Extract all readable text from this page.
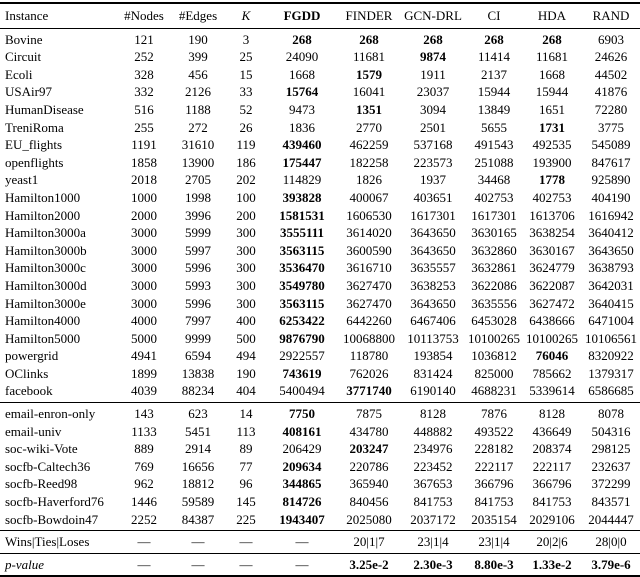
Instance	#Nodes	#Edges	K	FGDD	FINDER	GCN-DRL	CI	HDA	RAND
Bovine	121	190	3	268	268	268	268	268	6903
Circuit	252	399	25	24090	11681	9874	11414	11681	24626
Ecoli	328	456	15	1668	1579	1911	2137	1668	44502
USAir97	332	2126	33	15764	16041	23037	15944	15944	41876
HumanDisease	516	1188	52	9473	1351	3094	13849	1651	72280
TreniRoma	255	272	26	1836	2770	2501	5655	1731	3775
EU_flights	1191	31610	119	439460	462259	537168	491543	492535	545089
openflights	1858	13900	186	175447	182258	223573	251088	193900	847617
yeast1	2018	2705	202	114829	1826	1937	34468	1778	925890
Hamilton1000	1000	1998	100	393828	400067	403651	402753	402753	404190
Hamilton2000	2000	3996	200	1581531	1606530	1617301	1617301	1613706	1616942
Hamilton3000a	3000	5999	300	3555111	3614020	3643650	3630165	3638254	3640412
Hamilton3000b	3000	5997	300	3563115	3600590	3643650	3632860	3630167	3643650
Hamilton3000c	3000	5996	300	3536470	3616710	3635557	3632861	3624779	3638793
Hamilton3000d	3000	5993	300	3549780	3627470	3638253	3622086	3622087	3642031
Hamilton3000e	3000	5996	300	3563115	3627470	3643650	3635556	3627472	3640415
Hamilton4000	4000	7997	400	6253422	6442260	6467406	6453028	6438666	6471004
Hamilton5000	5000	9999	500	9876790	10068800	10113753	10100265	10100265	10106561
powergrid	4941	6594	494	2922557	118780	193854	1036812	76046	8320922
OClinks	1899	13838	190	743619	762026	831424	825000	785662	1379317
facebook	4039	88234	404	5400494	3771740	6190140	4688231	5339614	6586685
email-enron-only	143	623	14	7750	7875	8128	7876	8128	8078
email-univ	1133	5451	113	408161	434780	448882	493522	436649	504316
soc-wiki-Vote	889	2914	89	206429	203247	234976	228182	208374	298125
socfb-Caltech36	769	16656	77	209634	220786	223452	222117	222117	232637
socfb-Reed98	962	18812	96	344865	365940	367653	366796	366796	372299
socfb-Haverford76	1446	59589	145	814726	840456	841753	841753	841753	843571
socfb-Bowdoin47	2252	84387	225	1943407	2025080	2037172	2035154	2029106	2044447
Wins|Ties|Loses	—	—	—	—	20|1|7	23|1|4	23|1|4	20|2|6	28|0|0
p-value	—	—	—	—	3.25e-2	2.30e-3	8.80e-3	1.33e-2	3.79e-6
